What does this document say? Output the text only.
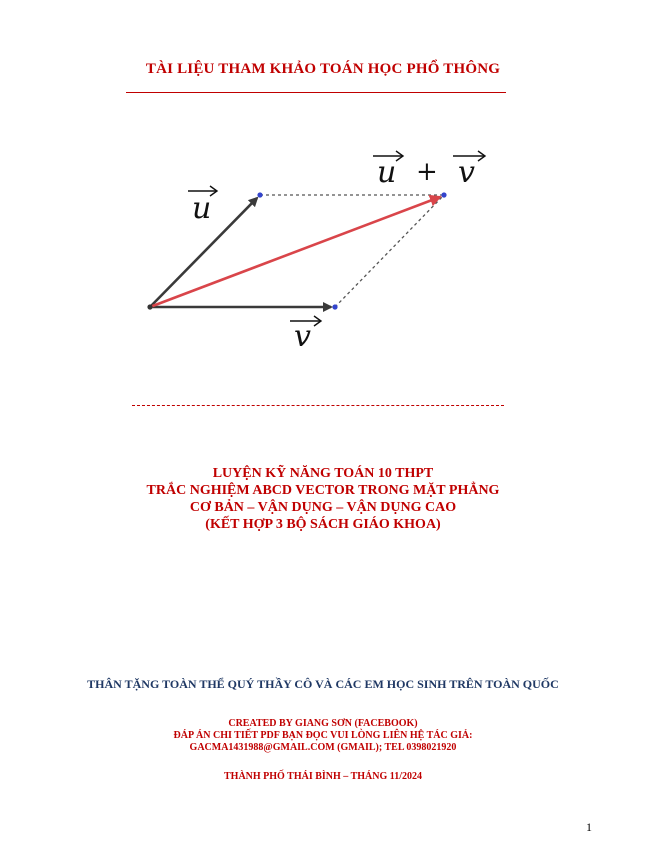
TÀI LIỆU THAM KHẢO TOÁN HỌC PHỔ THÔNG
u
v
u + v
LUYỆN KỸ NĂNG TOÁN 10 THPT
TRẮC NGHIỆM ABCD VECTOR TRONG MẶT PHẲNG
CƠ BẢN – VẬN DỤNG – VẬN DỤNG CAO
(KẾT HỢP 3 BỘ SÁCH GIÁO KHOA)
THÂN TẶNG TOÀN THỂ QUÝ THẦY CÔ VÀ CÁC EM HỌC SINH TRÊN TOÀN QUỐC
CREATED BY GIANG SƠN (FACEBOOK)
ĐÁP ÁN CHI TIẾT PDF BẠN ĐỌC VUI LÒNG LIÊN HỆ TÁC GIẢ:
GACMA1431988@GMAIL.COM (GMAIL); TEL 0398021920
THÀNH PHỐ THÁI BÌNH – THÁNG 11/2024
1
